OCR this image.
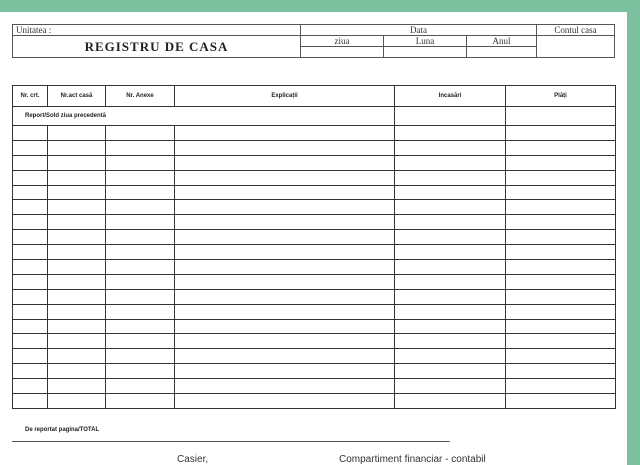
Unitatea :	Data			Contul casa
REGISTRU DE CASA	ziua	Luna	Anul	

Nr. crt.	Nr.act casă	Nr. Anexe	Explicații	Incasări	Plăți
Report/Sold ziua precedentă					

De reportat pagina/TOTAL
Casier,	Compartiment financiar - contabil
